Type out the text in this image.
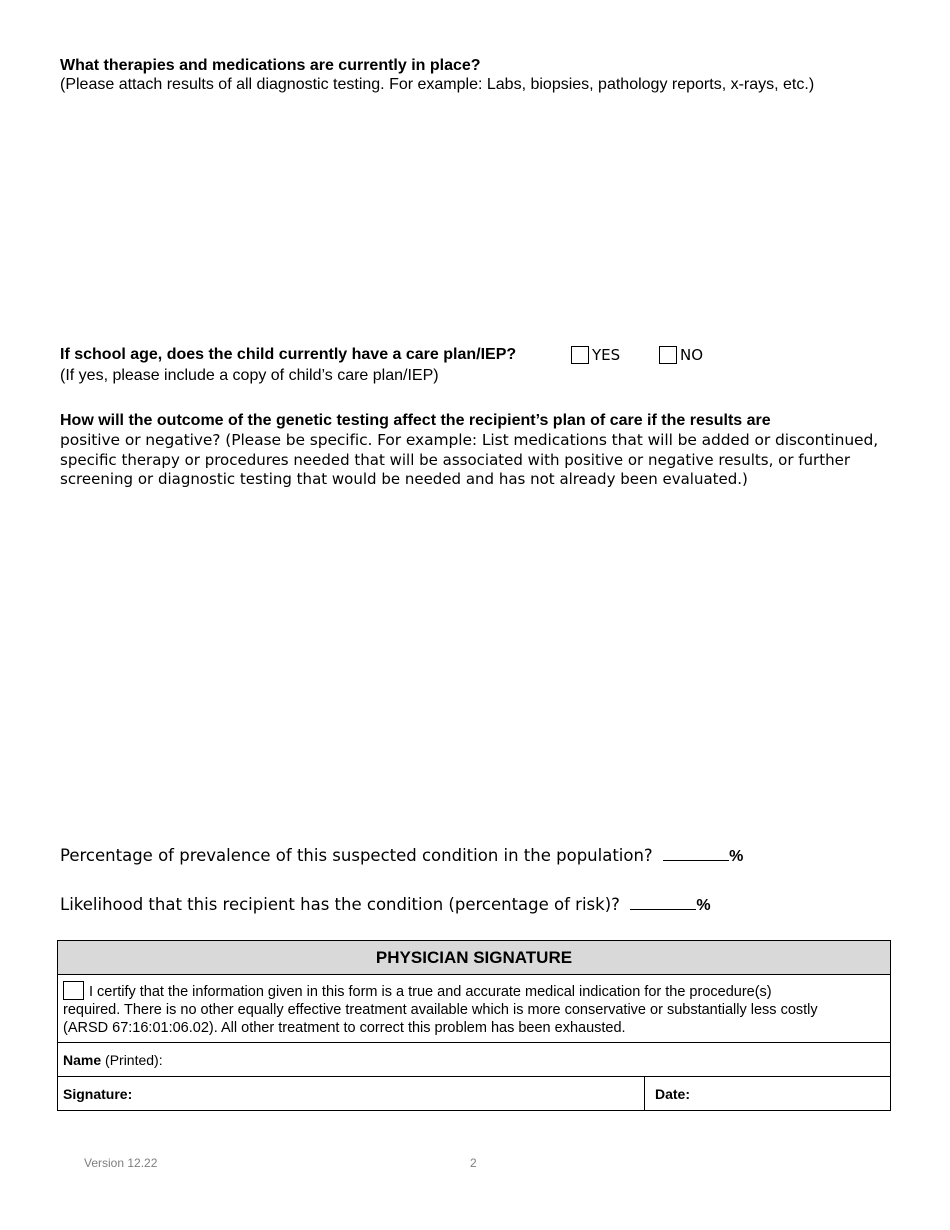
What therapies and medications are currently in place?
(Please attach results of all diagnostic testing. For example: Labs, biopsies, pathology reports, x-rays, etc.)
If school age, does the child currently have a care plan/IEP?	YES	NO
(If yes, please include a copy of child’s care plan/IEP)
How will the outcome of the genetic testing affect the recipient’s plan of care if the results are
positive or negative? (Please be specific. For example: List medications that will be added or discontinued,
specific therapy or procedures needed that will be associated with positive or negative results, or further
screening or diagnostic testing that would be needed and has not already been evaluated.)
Percentage of prevalence of this suspected condition in the population?	%
Likelihood that this recipient has the condition (percentage of risk)?	%
PHYSICIAN SIGNATURE

I certify that the information given in this form is a true and accurate medical indication for the procedure(s)
required. There is no other equally effective treatment available which is more conservative or substantially less costly
(ARSD 67:16:01:06.02). All other treatment to correct this problem has been exhausted.

Name (Printed):
Signature:	Date:
Version 12.22	2
